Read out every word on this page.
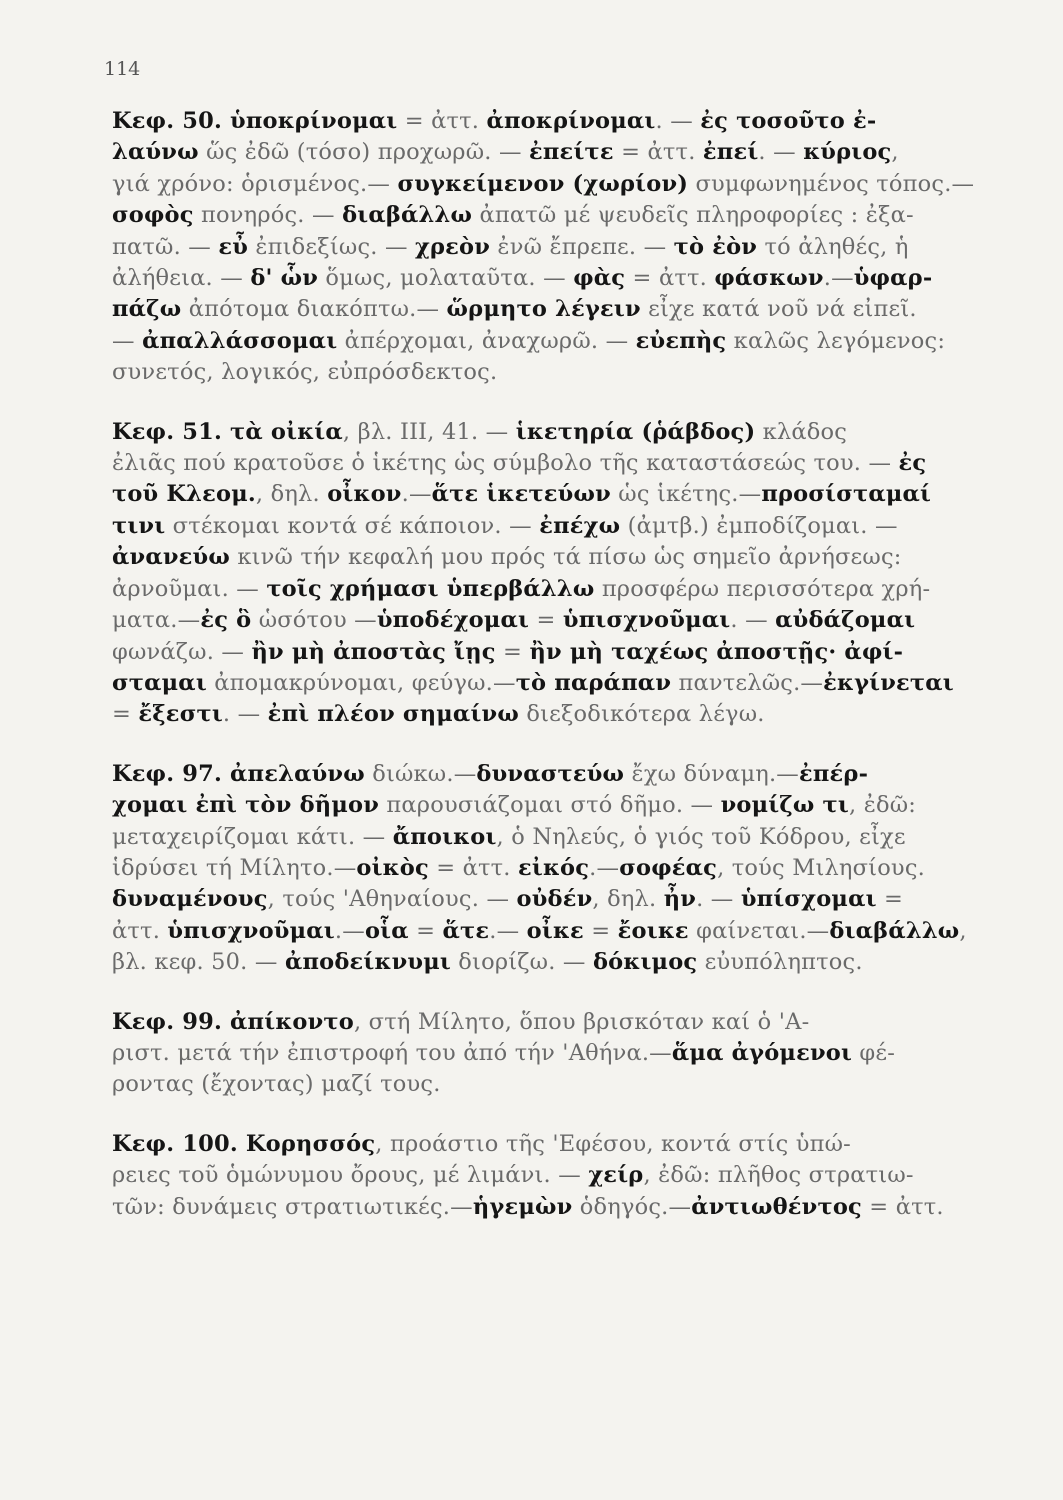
114
Κεφ. 50. ὑποκρίνομαι = ἀττ. ἀποκρίνομαι. — ἐς τοσοῦτο ἐ-
λαύνω ὥς ἐδῶ (τόσο) προχωρῶ. — ἐπείτε = ἀττ. ἐπεί. — κύριος,
γιά χρόνο: ὁρισμένος.— συγκείμενον (χωρίον) συμφωνημένος τόπος.—
σοφὸς πονηρός. — διαβάλλω ἀπατῶ μέ ψευδεῖς πληροφορίες : ἐξα-
πατῶ. — εὖ ἐπιδεξίως. — χρεὸν ἐνῶ ἔπρεπε. — τὸ ἐὸν τό ἀληθές, ἡ
ἀλήθεια. — δ' ὧν ὅμως, μολαταῦτα. — φὰς = ἀττ. φάσκων.—ὑφαρ-
πάζω ἀπότομα διακόπτω.— ὥρμητο λέγειν εἶχε κατά νοῦ νά εἰπεῖ.
— ἀπαλλάσσομαι ἀπέρχομαι, ἀναχωρῶ. — εὐεπὴς καλῶς λεγόμενος:
συνετός, λογικός, εὐπρόσδεκτος.
Κεφ. 51. τὰ οἰκία, βλ. III, 41. — ἱκετηρία (ῥάβδος) κλάδος
ἐλιᾶς πού κρατοῦσε ὁ ἱκέτης ὡς σύμβολο τῆς καταστάσεώς του. — ἐς
τοῦ Κλεομ., δηλ. οἶκον.—ἅτε ἱκετεύων ὡς ἱκέτης.—προσίσταμαί
τινι στέκομαι κοντά σέ κάποιον. — ἐπέχω (ἀμτβ.) ἐμποδίζομαι. —
ἀνανεύω κινῶ τήν κεφαλή μου πρός τά πίσω ὡς σημεῖο ἀρνήσεως:
ἀρνοῦμαι. — τοῖς χρήμασι ὑπερβάλλω προσφέρω περισσότερα χρή-
ματα.—ἐς ὃ ὡσότου —ὑποδέχομαι = ὑπισχνοῦμαι. — αὐδάζομαι
φωνάζω. — ἢν μὴ ἀποστὰς ἴῃς = ἢν μὴ ταχέως ἀποστῇς· ἀφί-
σταμαι ἀπομακρύνομαι, φεύγω.—τὸ παράπαν παντελῶς.—ἐκγίνεται
= ἔξεστι. — ἐπὶ πλέον σημαίνω διεξοδικότερα λέγω.
Κεφ. 97. ἀπελαύνω διώκω.—δυναστεύω ἔχω δύναμη.—ἐπέρ-
χομαι ἐπὶ τὸν δῆμον παρουσιάζομαι στό δῆμο. — νομίζω τι, ἐδῶ:
μεταχειρίζομαι κάτι. — ἄποικοι, ὁ Νηλεύς, ὁ γιός τοῦ Κόδρου, εἶχε
ἱδρύσει τή Μίλητο.—οἰκὸς = ἀττ. εἰκός.—σοφέας, τούς Μιλησίους.
δυναμένους, τούς 'Αθηναίους. — οὐδέν, δηλ. ἦν. — ὑπίσχομαι =
ἀττ. ὑπισχνοῦμαι.—οἷα = ἅτε.— οἶκε = ἔοικε φαίνεται.—διαβάλλω,
βλ. κεφ. 50. — ἀποδείκνυμι διορίζω. — δόκιμος εὐυπόληπτος.
Κεφ. 99. ἀπίκοντο, στή Μίλητο, ὅπου βρισκόταν καί ὁ 'Α-
ριστ. μετά τήν ἐπιστροφή του ἀπό τήν 'Αθήνα.—ἅμα ἀγόμενοι φέ-
ροντας (ἔχοντας) μαζί τους.
Κεφ. 100. Κορησσός, προάστιο τῆς 'Εφέσου, κοντά στίς ὑπώ-
ρειες τοῦ ὁμώνυμου ὄρους, μέ λιμάνι. — χείρ, ἐδῶ: πλῆθος στρατιω-
τῶν: δυνάμεις στρατιωτικές.—ἡγεμὼν ὁδηγός.—ἀντιωθέντος = ἀττ.
